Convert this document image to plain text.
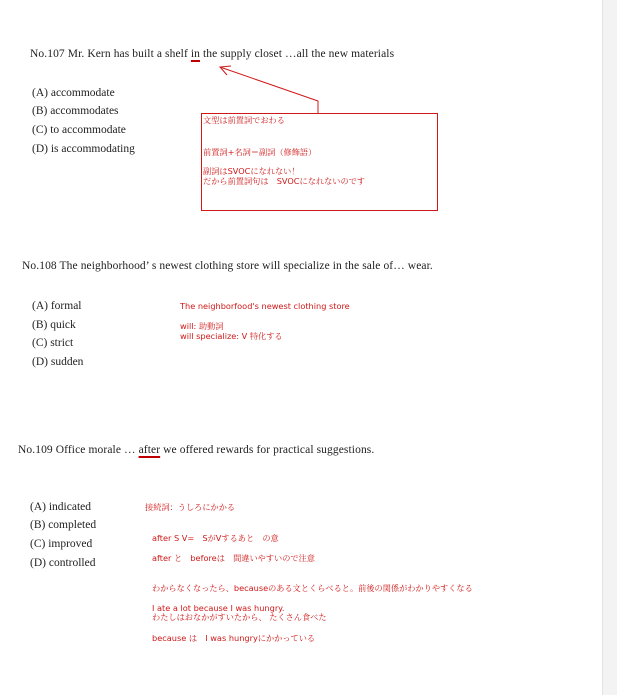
No.107 Mr. Kern has built a shelf in the supply closet …all the new materials
(A) accommodate
(B) accommodates
(C) to accommodate
(D) is accommodating
文型は前置詞でおわる
前置詞+名詞＝副詞（修飾語）
副詞はSVOCになれない！
だから前置詞句は　SVOCになれないのです
No.108 The neighborhood’ s newest clothing store will specialize in the sale of… wear.
(A) formal
(B) quick
(C) strict
(D) sudden
The neighborfood's newest clothing store
will: 助動詞
will specialize: V 特化する
No.109 Office morale … after we offered rewards for practical suggestions.
(A) indicated
(B) completed
(C) improved
(D) controlled
接続詞：うしろにかかる
after S V=　SがVするあと　の意
after と　beforeは　間違いやすいので注意
わからなくなったら、becauseのある文とくらべると。前後の関係がわかりやすくなる
I ate a lot because I was hungry.
わたしはおなかがすいたから、 たくさん食べた
because は　I was hungryにかかっている
